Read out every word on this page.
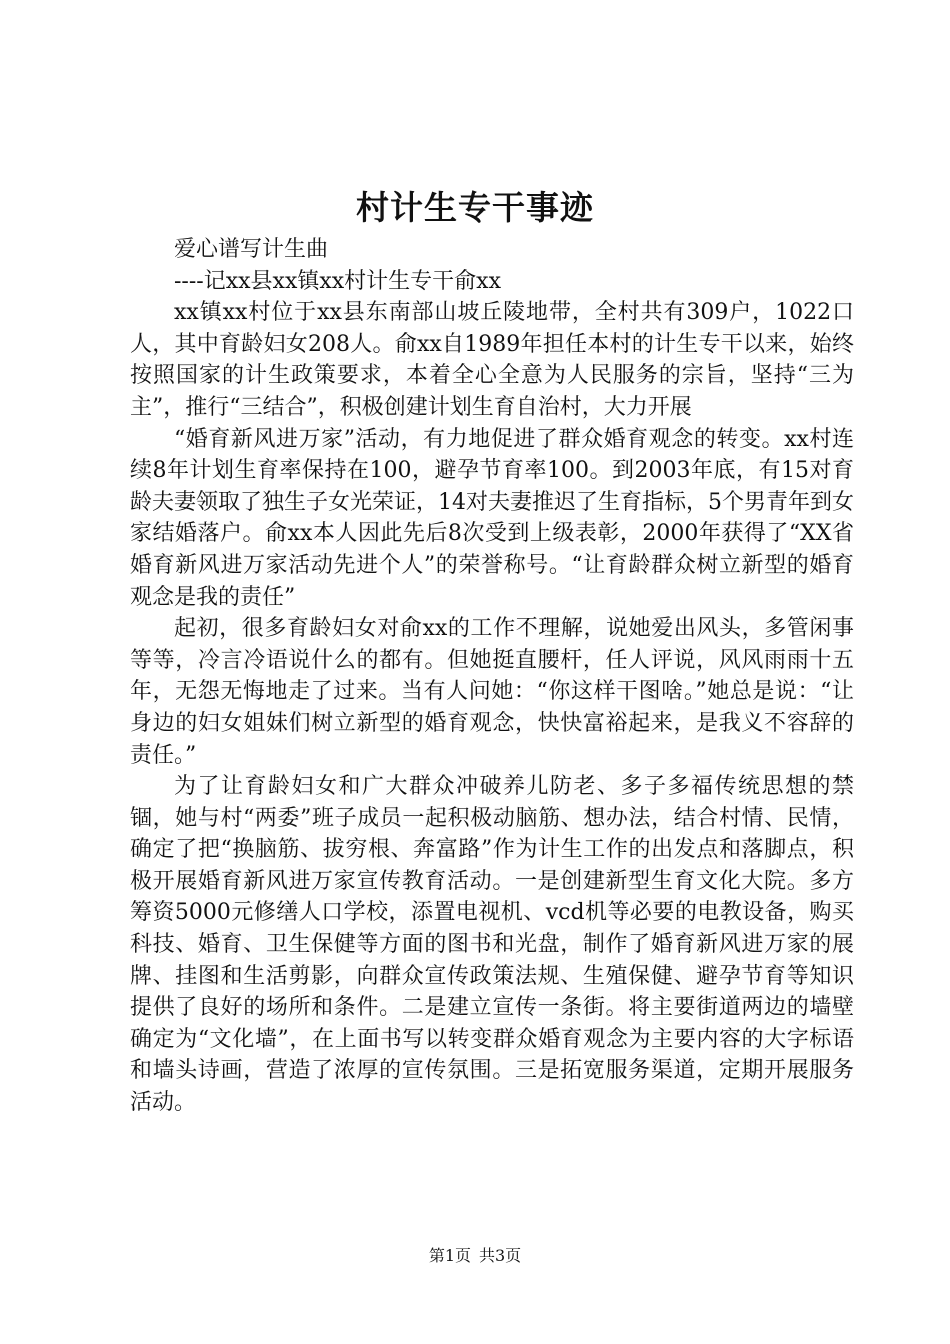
村计生专干事迹

爱心谱写计生曲

----记xx县xx镇xx村计生专干俞xx

xx镇xx村位于xx县东南部山坡丘陵地带，全村共有309户，1022口人，其中育龄妇女208人。俞xx自1989年担任本村的计生专干以来，始终按照国家的计生政策要求，本着全心全意为人民服务的宗旨，坚持“三为主”，推行“三结合”，积极创建计划生育自治村，大力开展

“婚育新风进万家”活动，有力地促进了群众婚育观念的转变。xx村连续8年计划生育率保持在100，避孕节育率100。到2003年底，有15对育龄夫妻领取了独生子女光荣证，14对夫妻推迟了生育指标，5个男青年到女家结婚落户。俞xx本人因此先后8次受到上级表彰，2000年获得了“XX省婚育新风进万家活动先进个人”的荣誉称号。“让育龄群众树立新型的婚育观念是我的责任”

起初，很多育龄妇女对俞xx的工作不理解，说她爱出风头，多管闲事等等，冷言冷语说什么的都有。但她挺直腰杆，任人评说，风风雨雨十五年，无怨无悔地走了过来。当有人问她：“你这样干图啥。”她总是说：“让身边的妇女姐妹们树立新型的婚育观念，快快富裕起来，是我义不容辞的责任。”

为了让育龄妇女和广大群众冲破养儿防老、多子多福传统思想的禁锢，她与村“两委”班子成员一起积极动脑筋、想办法，结合村情、民情，确定了把“换脑筋、拔穷根、奔富路”作为计生工作的出发点和落脚点，积极开展婚育新风进万家宣传教育活动。一是创建新型生育文化大院。多方筹资5000元修缮人口学校，添置电视机、vcd机等必要的电教设备，购买科技、婚育、卫生保健等方面的图书和光盘，制作了婚育新风进万家的展牌、挂图和生活剪影，向群众宣传政策法规、生殖保健、避孕节育等知识提供了良好的场所和条件。二是建立宣传一条街。将主要街道两边的墙壁确定为“文化墙”，在上面书写以转变群众婚育观念为主要内容的大字标语和墙头诗画，营造了浓厚的宣传氛围。三是拓宽服务渠道，定期开展服务活动。

第1页 共3页
